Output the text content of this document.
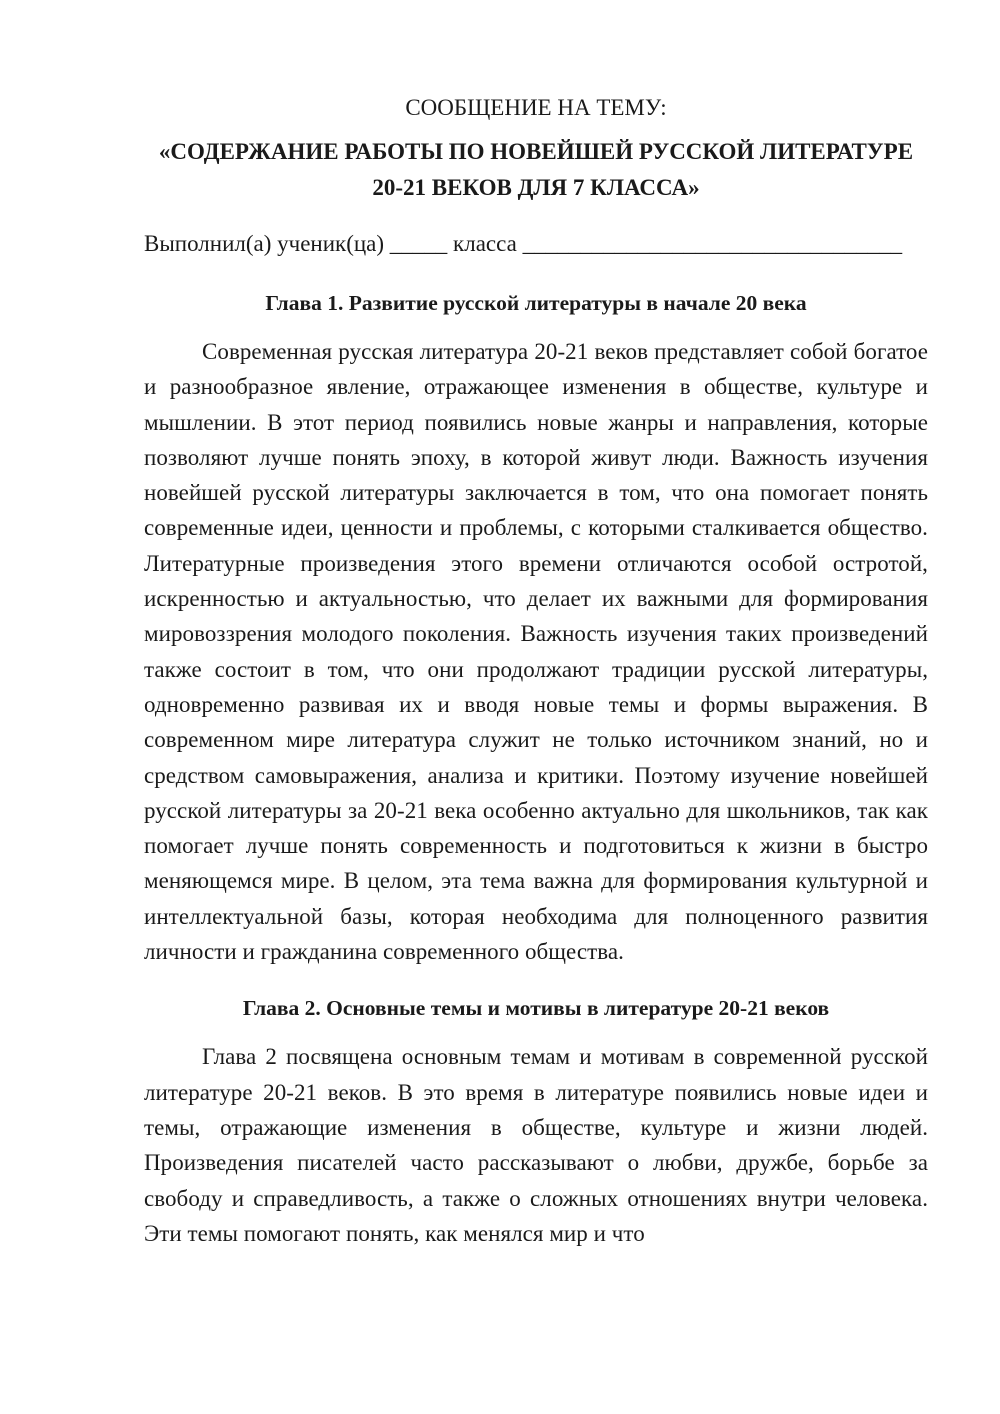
СООБЩЕНИЕ НА ТЕМУ:

«СОДЕРЖАНИЕ РАБОТЫ ПО НОВЕЙШЕЙ РУССКОЙ ЛИТЕРАТУРЕ 20-21 ВЕКОВ ДЛЯ 7 КЛАССА»

Выполнил(а) ученик(ца) _____ класса _________________________________

Глава 1. Развитие русской литературы в начале 20 века

Современная русская литература 20-21 веков представляет собой богатое и разнообразное явление, отражающее изменения в обществе, культуре и мышлении. В этот период появились новые жанры и направления, которые позволяют лучше понять эпоху, в которой живут люди. Важность изучения новейшей русской литературы заключается в том, что она помогает понять современные идеи, ценности и проблемы, с которыми сталкивается общество. Литературные произведения этого времени отличаются особой остротой, искренностью и актуальностью, что делает их важными для формирования мировоззрения молодого поколения. Важность изучения таких произведений также состоит в том, что они продолжают традиции русской литературы, одновременно развивая их и вводя новые темы и формы выражения. В современном мире литература служит не только источником знаний, но и средством самовыражения, анализа и критики. Поэтому изучение новейшей русской литературы за 20-21 века особенно актуально для школьников, так как помогает лучше понять современность и подготовиться к жизни в быстро меняющемся мире. В целом, эта тема важна для формирования культурной и интеллектуальной базы, которая необходима для полноценного развития личности и гражданина современного общества.

Глава 2. Основные темы и мотивы в литературе 20-21 веков

Глава 2 посвящена основным темам и мотивам в современной русской литературе 20-21 веков. В это время в литературе появились новые идеи и темы, отражающие изменения в обществе, культуре и жизни людей. Произведения писателей часто рассказывают о любви, дружбе, борьбе за свободу и справедливость, а также о сложных отношениях внутри человека. Эти темы помогают понять, как менялся мир и что
